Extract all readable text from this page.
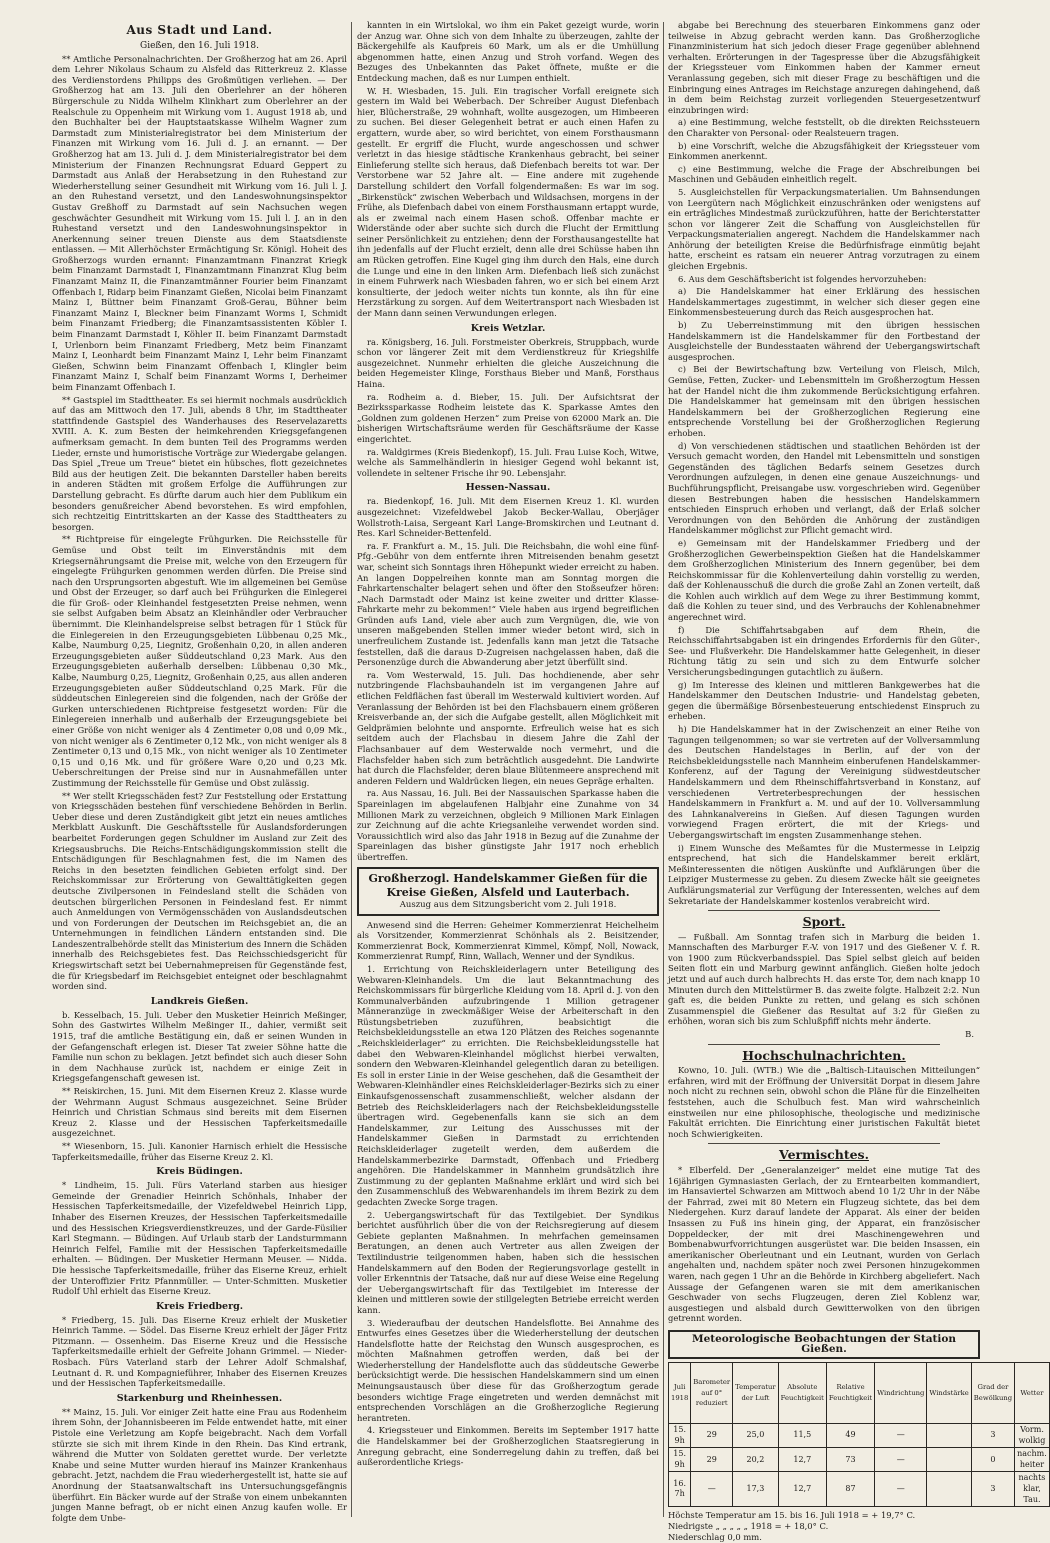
Aus Stadt und Land.
Gießen, den 16. Juli 1918.

** Amtliche Personalnachrichten. Der Großherzog hat am 26. April dem Lehrer Nikolaus Schaum zu Alsfeld das Ritterkreuz 2. Klasse des Verdienstordens Philipps des Großmütigen verliehen. — Der Großherzog hat am 13. Juli den Oberlehrer an der höheren Bürgerschule zu Nidda Wilhelm Klinkhart zum Oberlehrer an der Realschule zu Oppenheim mit Wirkung vom 1. August 1918 ab, und den Buchhalter bei der Hauptstaatskasse Wilhelm Wagner zum Darmstadt zum Ministerialregistrator bei dem Ministerium der Finanzen mit Wirkung vom 16. Juli d. J. an ernannt. — Der Großherzog hat am 13. Juli d. J. dem Ministerialregistrator bei dem Ministerium der Finanzen Rechnungsrat Eduard Geppert zu Darmstadt aus Anlaß der Herabsetzung in den Ruhestand zur Wiederherstellung seiner Gesundheit mit Wirkung vom 16. Juli l. J. an den Ruhestand versetzt, und den Landeswohnungsinspektor Gustav Greßhoff zu Darmstadt auf sein Nachsuchen wegen geschwächter Gesundheit mit Wirkung vom 15. Juli l. J. an in den Ruhestand versetzt und den Landeswohnungsinspektor in Anerkennung seiner treuen Dienste aus dem Staatsdienste entlassen. — Mit Allerhöchster Ermächtigung Sr. Königl. Hoheit des Großherzogs wurden ernannt: Finanzamtmann Finanzrat Kriegk beim Finanzamt Darmstadt I, Finanzamtmann Finanzrat Klug beim Finanzamt Mainz II, die Finanzamtmänner Fourier beim Finanzamt Offenbach I, Ridarp beim Finanzamt Gießen, Nicolai beim Finanzamt Mainz I, Büttner beim Finanzamt Groß-Gerau, Bühner beim Finanzamt Mainz I, Bleckner beim Finanzamt Worms I, Schmidt beim Finanzamt Friedberg; die Finanzamtsassistenten Köbler I. beim Finanzamt Darmstadt I, Köhler II. beim Finanzamt Darmstadt I, Urlenborn beim Finanzamt Friedberg, Metz beim Finanzamt Mainz I, Leonhardt beim Finanzamt Mainz I, Lehr beim Finanzamt Gießen, Schwinn beim Finanzamt Offenbach I, Klingler beim Finanzamt Mainz I, Schalf beim Finanzamt Worms I, Derheimer beim Finanzamt Offenbach I.

** Gastspiel im Stadttheater. Es sei hiermit nochmals ausdrücklich auf das am Mittwoch den 17. Juli, abends 8 Uhr, im Stadttheater stattfindende Gastspiel des Wanderhauses des Reservelazaretts XVIII. A. K. zum Besten der heimkehrenden Kriegsgefangenen aufmerksam gemacht. In dem bunten Teil des Programms werden Lieder, ernste und humoristische Vorträge zur Wiedergabe gelangen. Das Spiel „Treue um Treue“ bietet ein hübsches, flott gezeichnetes Bild aus der heutigen Zeit. Die bekannten Darsteller haben bereits in anderen Städten mit großem Erfolge die Aufführungen zur Darstellung gebracht. Es dürfte darum auch hier dem Publikum ein besonders genußreicher Abend bevorstehen. Es wird empfohlen, sich rechtzeitig Eintrittskarten an der Kasse des Stadttheaters zu besorgen.

** Richtpreise für eingelegte Frühgurken. Die Reichsstelle für Gemüse und Obst teilt im Einverständnis mit dem Kriegsernährungsamt die Preise mit, welche von den Erzeugern für eingelegte Frühgurken genommen werden dürfen. Die Preise sind nach den Ursprungsorten abgestuft. Wie im allgemeinen bei Gemüse und Obst der Erzeuger, so darf auch bei Frühgurken die Einlegerei die für Groß- oder Kleinhandel festgesetzten Preise nehmen, wenn sie selbst Aufgaben beim Absatz an Kleinhändler oder Verbraucher übernimmt. Die Kleinhandelspreise selbst betragen für 1 Stück für die Einlegereien in den Erzeugungsgebieten Lübbenau 0,25 Mk., Kalbe, Naumburg 0,25, Liegnitz, Großenhain 0,20, in allen anderen Erzeugungsgebieten außer Süddeutschland 0,23 Mark. Aus den Erzeugungsgebieten außerhalb derselben: Lübbenau 0,30 Mk., Kalbe, Naumburg 0,25, Liegnitz, Großenhain 0,25, aus allen anderen Erzeugungsgebieten außer Süddeutschland 0,25 Mark. Für die süddeutschen Einlegereien sind die folgenden, nach der Größe der Gurken unterschiedenen Richtpreise festgesetzt worden: Für die Einlegereien innerhalb und außerhalb der Erzeugungsgebiete bei einer Größe von nicht weniger als 4 Zentimeter 0,08 und 0,09 Mk., von nicht weniger als 6 Zentimeter 0,12 Mk., von nicht weniger als 8 Zentimeter 0,13 und 0,15 Mk., von nicht weniger als 10 Zentimeter 0,15 und 0,16 Mk. und für größere Ware 0,20 und 0,23 Mk. Ueberschreitungen der Preise sind nur in Ausnahmefällen unter Zustimmung der Reichsstelle für Gemüse und Obst zulässig.

** Wer stellt Kriegsschäden fest? Zur Feststellung oder Erstattung von Kriegsschäden bestehen fünf verschiedene Behörden in Berlin. Ueber diese und deren Zuständigkeit gibt jetzt ein neues amtliches Merkblatt Auskunft. Die Geschäftsstelle für Auslandsforderungen bearbeitet Forderungen gegen Schuldner im Ausland zur Zeit des Kriegsausbruchs. Die Reichs-Entschädigungskommission stellt die Entschädigungen für Beschlagnahmen fest, die im Namen des Reichs in den besetzten feindlichen Gebieten erfolgt sind. Der Reichskommissar zur Erörterung von Gewalttätigkeiten gegen deutsche Zivilpersonen in Feindesland stellt die Schäden von deutschen bürgerlichen Personen in Feindesland fest. Er nimmt auch Anmeldungen von Vermögensschäden von Auslandsdeutschen und von Forderungen der Deutschen im Reichsgebiet an, die an Unternehmungen in feindlichen Ländern entstanden sind. Die Landeszentralbehörde stellt das Ministerium des Innern die Schäden innerhalb des Reichsgebietes fest. Das Reichsschiedsgericht für Kriegswirtschaft setzt bei Uebernahmepreisen für Gegenstände fest, die für Kriegsbedarf im Reichsgebiet enteignet oder beschlagnahmt worden sind.

Landkreis Gießen.

b. Kesselbach, 15. Juli. Ueber den Musketier Heinrich Meßinger, Sohn des Gastwirtes Wilhelm Meßinger II., dahier, vermißt seit 1915, traf die amtliche Bestätigung ein, daß er seinen Wunden in der Gefangenschaft erlegen ist. Dieser Tat zweier Söhne hatte die Familie nun schon zu beklagen. Jetzt befindet sich auch dieser Sohn in dem Nachhause zurück ist, nachdem er einige Zeit in Kriegsgefangenschaft gewesen ist.

** Reiskirchen, 15. Juni. Mit dem Eisernen Kreuz 2. Klasse wurde der Wehrmann August Schmaus ausgezeichnet. Seine Brüder Heinrich und Christian Schmaus sind bereits mit dem Eisernen Kreuz 2. Klasse und der Hessischen Tapferkeitsmedaille ausgezeichnet.

** Wiesenborn, 15. Juli. Kanonier Harnisch erhielt die Hessische Tapferkeitsmedaille, früher das Eiserne Kreuz 2. Kl.

Kreis Büdingen.

* Lindheim, 15. Juli. Fürs Vaterland starben aus hiesiger Gemeinde der Grenadier Heinrich Schönhals, Inhaber der Hessischen Tapferkeitsmedaille, der Vizefeldwebel Heinrich Lipp, Inhaber des Eisernen Kreuzes, der Hessischen Tapferkeitsmedaille und des Hessischen Kriegsverdienstkreuzes, und der Garde-Füsilier Karl Stegmann. — Büdingen. Auf Urlaub starb der Landsturmmann Heinrich Felfel, Familie mit der Hessischen Tapferkeitsmedaille erhalten. — Büdingen. Der Musketier Hermann Meuser. — Nidda. Die hessische Tapferkeitsmedaille, früher das Eiserne Kreuz, erhielt der Unteroffizier Fritz Pfannmüller. — Unter-Schmitten. Musketier Rudolf Uhl erhielt das Eiserne Kreuz.

Kreis Friedberg.

* Friedberg, 15. Juli. Das Eiserne Kreuz erhielt der Musketier Heinrich Tamme. — Södel. Das Eiserne Kreuz erhielt der Jäger Fritz Pitzmann. — Ossenheim. Das Eiserne Kreuz und die Hessische Tapferkeitsmedaille erhielt der Gefreite Johann Grimmel. — Nieder-Rosbach. Fürs Vaterland starb der Lehrer Adolf Schmalshaf, Leutnant d. R. und Kompagnieführer, Inhaber des Eisernen Kreuzes und der Hessischen Tapferkeitsmedaille.

Starkenburg und Rheinhessen.

** Mainz, 15. Juli. Vor einiger Zeit hatte eine Frau aus Rodenheim ihrem Sohn, der Johannisbeeren im Felde entwendet hatte, mit einer Pistole eine Verletzung am Kopfe beigebracht. Nach dem Vorfall stürzte sie sich mit ihrem Kinde in den Rhein. Das Kind ertrank, während die Mutter von Soldaten gerettet wurde. Der verletzte Knabe und seine Mutter wurden hierauf ins Mainzer Krankenhaus gebracht. Jetzt, nachdem die Frau wiederhergestellt ist, hatte sie auf Anordnung der Staatsanwaltschaft ins Untersuchungsgefängnis überführt. Ein Bäcker wurde auf der Straße von einem unbekannten jungen Manne befragt, ob er nicht einen Anzug kaufen wolle. Er folgte dem Unbe-

kannten in ein Wirtslokal, wo ihm ein Paket gezeigt wurde, worin der Anzug war. Ohne sich von dem Inhalte zu überzeugen, zahlte der Bäckergehilfe als Kaufpreis 60 Mark, um als er die Umhüllung abgenommen hatte, einen Anzug und Stroh vorfand. Wegen des Bezuges des Unbekannten das Paket öffnete, mußte er die Entdeckung machen, daß es nur Lumpen enthielt.

W. H. Wiesbaden, 15. Juli. Ein tragischer Vorfall ereignete sich gestern im Wald bei Weberbach. Der Schreiber August Diefenbach hier, Blücherstraße, 29 wohnhaft, wollte ausgezogen, um Himbeeren zu suchen. Bei dieser Gelegenheit betrat er auch einen Hafen zu ergattern, wurde aber, so wird berichtet, von einem Forsthausmann gestellt. Er ergriff die Flucht, wurde angeschossen und schwer verletzt in das hiesige städtische Krankenhaus gebracht, bei seiner Einlieferung stellte sich heraus, daß Diefenbach bereits tot war. Der Verstorbene war 52 Jahre alt. — Eine andere mit zugehende Darstellung schildert den Vorfall folgendermaßen: Es war im sog. „Birkenstück“ zwischen Weberbach und Wildsachsen, morgens in der Frühe, als Diefenbach dabei von einem Forsthausmann ertappt wurde, als er zweimal nach einem Hasen schoß. Offenbar machte er Widerstände oder aber suchte sich durch die Flucht der Ermittlung seiner Persönlichkeit zu entziehen; denn der Forsthausangestellte hat ihn jedenfalls auf der Flucht erzielt, denn alle drei Schüsse haben ihn am Rücken getroffen. Eine Kugel ging ihm durch den Hals, eine durch die Lunge und eine in den linken Arm. Diefenbach ließ sich zunächst in einem Fuhrwerk nach Wiesbaden fahren, wo er sich bei einem Arzt konsultierte, der jedoch weiter nichts tun konnte, als ihn für eine Herzstärkung zu sorgen. Auf dem Weitertransport nach Wiesbaden ist der Mann dann seinen Verwundungen erlegen.

Kreis Wetzlar.

ra. Königsberg, 16. Juli. Forstmeister Oberkreis, Struppbach, wurde schon vor längerer Zeit mit dem Verdienstkreuz für Kriegshilfe ausgezeichnet. Nunmehr erhielten die gleiche Auszeichnung die beiden Hegemeister Klinge, Forsthaus Bieber und Manß, Forsthaus Haina.

ra. Rodheim a. d. Bieber, 15. Juli. Der Aufsichtsrat der Bezirkssparkasse Rodheim leistete das K. Sparkasse Amtes den „Goldnen zum goldenen Herzen“ zum Preise von 62000 Mark an. Die bisherigen Wirtschaftsräume werden für Geschäftsräume der Kasse eingerichtet.

ra. Waldgirmes (Kreis Biedenkopf), 15. Juli. Frau Luise Koch, Witwe, welche als Sammelhändlerin in hiesiger Gegend wohl bekannt ist, vollendete in seltener Frische ihr 90. Lebensjahr.

Hessen-Nassau.

ra. Biedenkopf, 16. Juli. Mit dem Eisernen Kreuz 1. Kl. wurden ausgezeichnet: Vizefeldwebel Jakob Becker-Wallau, Oberjäger Wollstroth-Laisa, Sergeant Karl Lange-Bromskirchen und Leutnant d. Res. Karl Schneider-Bettenfeld.

ra. F. Frankfurt a. M., 15. Juli. Die Reichsbahn, die wohl eine fünf-Pfg.-Gebühr von dem entfernte ihren Mitreisenden benahm gesetzt war, scheint sich Sonntags ihren Höhepunkt wieder erreicht zu haben. An langen Doppelreihen konnte man am Sonntag morgen die Fahrkartenschalter belagert sehen und öfter den Stoßseufzer hören: „Nach Darmstadt oder Mainz ist keine zweiter und dritter Klasse-Fahrkarte mehr zu bekommen!“ Viele haben aus irgend begreiflichen Gründen aufs Land, viele aber auch zum Vergnügen, die, wie von unseren maßgebenden Stellen immer wieder betont wird, sich in unerfreulichem Zustande ist. Jedenfalls kann man jetzt die Tatsache feststellen, daß die daraus D-Zugreisen nachgelassen haben, daß die Personenzüge durch die Abwanderung aber jetzt überfüllt sind.

ra. Vom Westerwald, 15. Juli. Das hochdienende, aber sehr nutzbringende Flachsbauhandeln ist im vergangenen Jahre auf etlichen Feldflächen fast überall im Westerwald kultiviert worden. Auf Veranlassung der Behörden ist bei den Flachsbauern einem größeren Kreisverbande an, der sich die Aufgabe gestellt, allen Möglichkeit mit Geldprämien belohnte und anspornte. Erfreulich weise hat es sich seitdem auch der Flachsbau in diesem Jahre die Zahl der Flachsanbauer auf dem Westerwalde noch vermehrt, und die Flachsfelder haben sich zum beträchtlich ausgedehnt. Die Landwirte hat durch die Flachsfelder, deren blaue Blütenmeere ansprechend mit anderen Feldern und Waldrücken liegen, ein neues Gepräge erhalten.

ra. Aus Nassau, 16. Juli. Bei der Nassauischen Sparkasse haben die Spareinlagen im abgelaufenen Halbjahr eine Zunahme von 34 Millionen Mark zu verzeichnen, obgleich 9 Millionen Mark Einlagen zur Zeichnung auf die achte Kriegsanleihe verwendet worden sind. Voraussichtlich wird also das Jahr 1918 in Bezug auf die Zunahme der Spareinlagen das bisher günstigste Jahr 1917 noch erheblich übertreffen.

Großherzogl. Handelskammer Gießen für die Kreise Gießen, Alsfeld und Lauterbach.
Auszug aus dem Sitzungsbericht vom 2. Juli 1918.

Anwesend sind die Herren: Geheimer Kommerzienrat Heichelheim als Vorsitzender, Kommerzienrat Schönhals als 2. Beisitzender, Kommerzienrat Bock, Kommerzienrat Kimmel, Kömpf, Noll, Nowack, Kommerzienrat Rumpf, Rinn, Wallach, Wenner und der Syndikus.

1. Errichtung von Reichskleiderlagern unter Beteiligung des Webwaren-Kleinhandels. Um die laut Bekanntmachung des Reichskommissars für bürgerliche Kleidung vom 18. April d. J. von den Kommunalverbänden aufzubringende 1 Million getragener Männeranzüge in zweckmäßiger Weise der Arbeiterschaft in den Rüstungsbetrieben zuzuführen, beabsichtigt die Reichsbekleidungsstelle an etwa 120 Plätzen des Reiches sogenannte „Reichskleiderlager“ zu errichten. Die Reichsbekleidungsstelle hat dabei den Webwaren-Kleinhandel möglichst hierbei verwalten, sondern den Webwaren-Kleinhandel gelegentlich daran zu beteiligen. Es soll in erster Linie in der Weise geschehen, daß die Gesamtheit der Webwaren-Kleinhändler eines Reichskleiderlager-Bezirks sich zu einer Einkaufsgenossenschaft zusammenschließt, welcher alsdann der Betrieb des Reichskleiderlagers nach der Reichsbekleidungsstelle übertragen wird. Gegebenenfalls kann sie sich an dem Handelskammer, zur Leitung des Ausschusses mit der Handelskammer Gießen in Darmstadt zu errichtenden Reichskleiderlager zugeteilt werden, dem außerdem die Handelskammerbezirke Darmstadt, Offenbach und Friedberg angehören. Die Handelskammer in Mannheim grundsätzlich ihre Zustimmung zu der geplanten Maßnahme erklärt und wird sich bei den Zusammenschluß des Webwarenhandels im ihrem Bezirk zu dem gedachten Zwecke Sorge tragen.

2. Uebergangswirtschaft für das Textilgebiet. Der Syndikus berichtet ausführlich über die von der Reichsregierung auf diesem Gebiete geplanten Maßnahmen. In mehrfachen gemeinsamen Beratungen, an denen auch Vertreter aus allen Zweigen der Textilindustrie teilgenommen haben, haben sich die hessischen Handelskammern auf den Boden der Regierungsvorlage gestellt in voller Erkenntnis der Tatsache, daß nur auf diese Weise eine Regelung der Uebergangswirtschaft für das Textilgebiet im Interesse der kleinen und mittleren sowie der stillgelegten Betriebe erreicht werden kann.

3. Wiederaufbau der deutschen Handelsflotte. Bei Annahme des Entwurfes eines Gesetzes über die Wiederherstellung der deutschen Handelsflotte hatte der Reichstag den Wunsch ausgesprochen, es möchten Maßnahmen getroffen werden, daß bei der Wiederherstellung der Handelsflotte auch das süddeutsche Gewerbe berücksichtigt werde. Die hessischen Handelskammern sind um einen Meinungsaustausch über diese für das Großherzogtum gerade besonders wichtige Frage eingetreten und werden demnächst mit entsprechenden Vorschlägen an die Großherzogliche Regierung herantreten.

4. Kriegssteuer und Einkommen. Bereits im September 1917 hatte die Handelskammer bei der Großherzoglichen Staatsregierung in Anregung gebracht, eine Sonderregelung dahin zu treffen, daß bei außerordentliche Kriegs-

abgabe bei Berechnung des steuerbaren Einkommens ganz oder teilweise in Abzug gebracht werden kann. Das Großherzogliche Finanzministerium hat sich jedoch dieser Frage gegenüber ablehnend verhalten. Erörterungen in der Tagespresse über die Abzugsfähigkeit der Kriegssteuer vom Einkommen haben der Kammer erneut Veranlassung gegeben, sich mit dieser Frage zu beschäftigen und die Einbringung eines Antrages im Reichstage anzuregen dahingehend, daß in dem beim Reichstag zurzeit vorliegenden Steuergesetzentwurf einzubringen wird:

a) eine Bestimmung, welche feststellt, ob die direkten Reichssteuern den Charakter von Personal- oder Realsteuern tragen.

b) eine Vorschrift, welche die Abzugsfähigkeit der Kriegssteuer vom Einkommen anerkennt.

c) eine Bestimmung, welche die Frage der Abschreibungen bei Maschinen und Gebäuden einheitlich regelt.

5. Ausgleichstellen für Verpackungsmaterialien. Um Bahnsendungen von Leergütern nach Möglichkeit einzuschränken oder wenigstens auf ein erträgliches Mindestmaß zurückzuführen, hatte der Berichterstatter schon vor längerer Zeit die Schaffung von Ausgleichstellen für Verpackungsmaterialien angeregt. Nachdem die Handelskammer nach Anhörung der beteiligten Kreise die Bedürfnisfrage einmütig bejaht hatte, erscheint es ratsam ein neuerer Antrag vorzutragen zu einem gleichen Ergebnis.

6. Aus dem Geschäftsbericht ist folgendes hervorzuheben:

a) Die Handelskammer hat einer Erklärung des hessischen Handelskammertages zugestimmt, in welcher sich dieser gegen eine Einkommensbesteuerung durch das Reich ausgesprochen hat.

b) Zu Ueberreinstimmung mit den übrigen hessischen Handelskammern ist die Handelskammer für den Fortbestand der Ausgleichstelle der Bundesstaaten während der Uebergangswirtschaft ausgesprochen.

c) Bei der Bewirtschaftung bzw. Verteilung von Fleisch, Milch, Gemüse, Fetten, Zucker- und Lebensmitteln im Großherzogtum Hessen hat der Handel nicht die ihm zukommende Berücksichtigung erfahren. Die Handelskammer hat gemeinsam mit den übrigen hessischen Handelskammern bei der Großherzoglichen Regierung eine entsprechende Vorstellung bei der Großherzoglichen Regierung erhoben.

d) Von verschiedenen städtischen und staatlichen Behörden ist der Versuch gemacht worden, den Handel mit Lebensmitteln und sonstigen Gegenständen des täglichen Bedarfs seinem Gesetzes durch Verordnungen aufzulegen, in denen eine genaue Auszeichnungs- und Buchführungspflicht, Preisangabe usw. vorgeschrieben wird. Gegenüber diesen Bestrebungen haben die hessischen Handelskammern entschieden Einspruch erhoben und verlangt, daß der Erlaß solcher Verordnungen von den Behörden die Anhörung der zuständigen Handelskammer möglichst zur Pflicht gemacht wird.

e) Gemeinsam mit der Handelskammer Friedberg und der Großherzoglichen Gewerbeinspektion Gießen hat die Handelskammer dem Großherzoglichen Ministerium des Innern gegenüber, bei dem Reichskommissar für die Kohlenverteilung dahin vorstellig zu werden, daß der Kohlenausschuß die durch die große Zahl an Zonen verteilt, daß die Kohlen auch wirklich auf dem Wege zu ihrer Bestimmung kommt, daß die Kohlen zu teuer sind, und des Verbrauchs der Kohlenabnehmer angerechnet wird.

f) Die Schiffahrtsabgaben auf dem Rhein, die Reichsschiffahrtsabgaben ist ein dringendes Erfordernis für den Güter-, See- und Flußverkehr. Die Handelskammer hatte Gelegenheit, in dieser Richtung tätig zu sein und sich zu dem Entwurfe solcher Versicherungsbedingungen gutachtlich zu äußern.

g) Im Interesse des kleinen und mittleren Bankgewerbes hat die Handelskammer den Deutschen Industrie- und Handelstag gebeten, gegen die übermäßige Börsenbesteuerung entschiedenst Einspruch zu erheben.

h) Die Handelskammer hat in der Zwischenzeit an einer Reihe von Tagungen teilgenommen; so war sie vertreten auf der Vollversammlung des Deutschen Handelstages in Berlin, auf der von der Reichsbekleidungsstelle nach Mannheim einberufenen Handelskammer-Konferenz, auf der Tagung der Vereinigung südwestdeutscher Handelskammern und dem Rheinschiffahrtsverband in Konstanz, auf verschiedenen Vertreterbesprechungen der hessischen Handelskammern in Frankfurt a. M. und auf der 10. Vollversammlung des Lahnkanalvereins in Gießen. Auf diesen Tagungen wurden vorwiegend Fragen erörtert, die mit der Kriegs- und Uebergangswirtschaft im engsten Zusammenhange stehen.

i) Einem Wunsche des Meßamtes für die Mustermesse in Leipzig entsprechend, hat sich die Handelskammer bereit erklärt, Meßinteressenten die nötigen Auskünfte und Aufklärungen über die Leipziger Mustermesse zu geben. Zu diesem Zwecke hält sie geeignetes Aufklärungsmaterial zur Verfügung der Interessenten, welches auf dem Sekretariate der Handelskammer kostenlos verabreicht wird.

Sport.

— Fußball. Am Sonntag trafen sich in Marburg die beiden 1. Mannschaften des Marburger F.-V. von 1917 und des Gießener V. f. R. von 1900 zum Rückverbandsspiel. Das Spiel selbst gleich auf beiden Seiten flott ein und Marburg gewinnt anfänglich. Gießen holte jedoch jetzt und auf auch durch halbrechts H. das erste Tor, dem nach knapp 10 Minuten durch den Mittelstürmer B. das zweite folgte. Halbzeit 2:2. Nun gaft es, die beiden Punkte zu retten, und gelang es sich schönen Zusammenspiel die Gießener das Resultat auf 3:2 für Gießen zu erhöhen, woran sich bis zum Schlußpfiff nichts mehr änderte.

B.
Hochschulnachrichten.

Kowno, 10. Juli. (WTB.) Wie die „Baltisch-Litauischen Mitteilungen“ erfahren, wird mit der Eröffnung der Universität Dorpat in diesem Jahre noch nicht zu rechnen sein, obwohl schon die Pläne für die Einzelheiten feststehen, auch die Schulbuch fest. Man wird wahrscheinlich einstweilen nur eine philosophische, theologische und medizinische Fakultät errichten. Die Einrichtung einer juristischen Fakultät bietet noch Schwierigkeiten.

Vermischtes.

* Elberfeld. Der „Generalanzeiger“ meldet eine mutige Tat des 16jährigen Gymnasiasten Gerlach, der zu Erntearbeiten kommandiert, im Hansaviertel Schwarzen am Mittwoch abend 10 1/2 Uhr in der Näbe der Fahrrad, zwei mit 80 Metern ein Flugzeug sichtete, das bei dem Niedergehen. Kurz darauf landete der Apparat. Als einer der beiden Insassen zu Fuß ins hinein ging, der Apparat, ein französischer Doppeldecker, der mit drei Maschinengewehren und Bombenabwurfvorrichtungen ausgerüstet war. Die beiden Insassen, ein amerikanischer Oberleutnant und ein Leutnant, wurden von Gerlach angehalten und, nachdem später noch zwei Personen hinzugekommen waren, nach gegen 1 Uhr an die Behörde in Kirchberg abgeliefert. Nach Aussage der Gefangenen waren sie mit dem amerikanischen Geschwader von sechs Flugzeugen, deren Ziel Koblenz war, ausgestiegen und alsbald durch Gewitterwolken von den übrigen getrennt worden.

Meteorologische Beobachtungen der Station Gießen.
Juli 1918	Barometer auf 0° reduziert	Temperatur der Luft	Absolute Feuchtigkeit	Relative Feuchtigkeit	Windrichtung	Windstärke	Grad der Bewölkung	Wetter
15. 9h	29	25,0	11,5	49	—		3	Vorm. wolkig
15. 9h	29	20,2	12,7	73	—		0	nachm. heiter
16. 7h	—	17,3	12,7	87	—		3	nachts klar, Tau.
Höchste Temperatur am 15. bis 16. Juli 1918 = + 19,7° C.
Niedrigste „ „ „ „ „ 1918 = + 18,0° C.
Niederschlag 0,0 mm.
